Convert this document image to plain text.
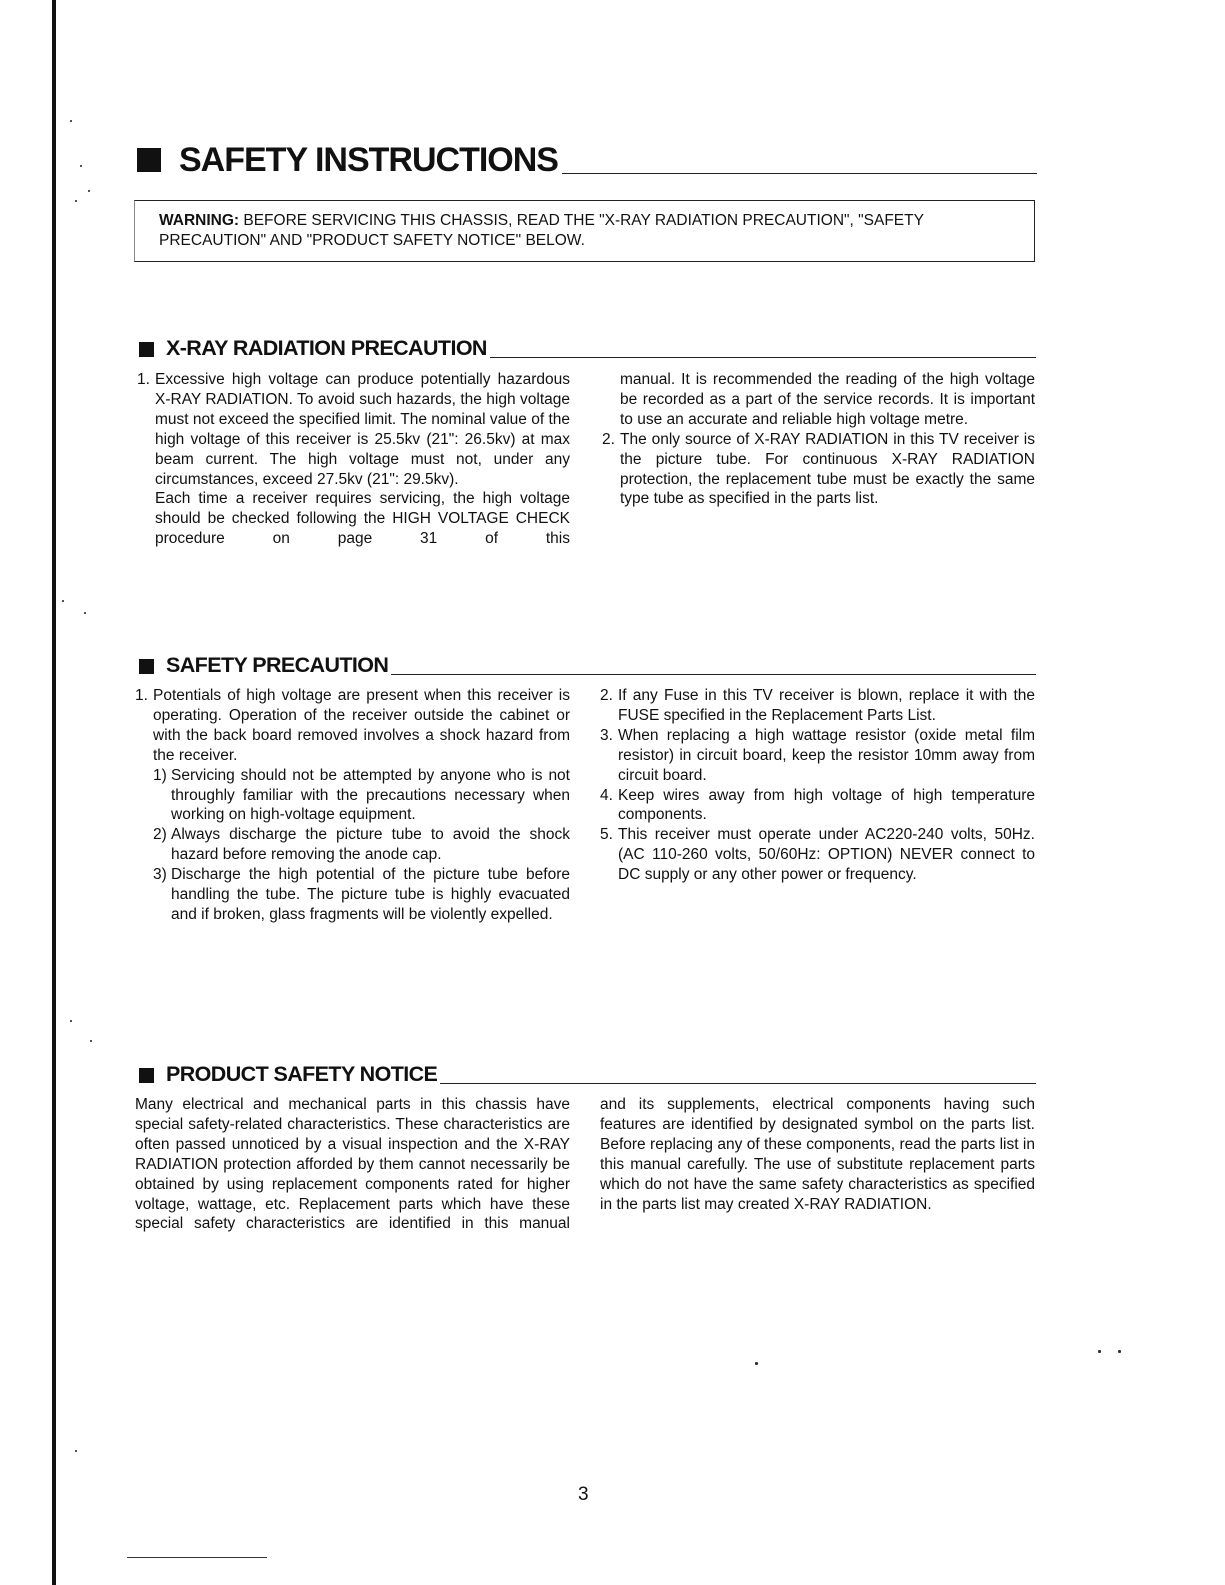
SAFETY INSTRUCTIONS
WARNING: BEFORE SERVICING THIS CHASSIS, READ THE "X-RAY RADIATION PRECAUTION", "SAFETY PRECAUTION" AND "PRODUCT SAFETY NOTICE" BELOW.
X-RAY RADIATION PRECAUTION
1. Excessive high voltage can produce potentially hazardous X-RAY RADIATION. To avoid such hazards, the high voltage must not exceed the specified limit. The nominal value of the high voltage of this receiver is 25.5kv (21": 26.5kv) at max beam current. The high voltage must not, under any circumstances, exceed 27.5kv (21": 29.5kv).

Each time a receiver requires servicing, the high voltage should be checked following the HIGH VOLTAGE CHECK procedure on page 31 of this

manual. It is recommended the reading of the high voltage be recorded as a part of the service records. It is important to use an accurate and reliable high voltage metre.

2. The only source of X-RAY RADIATION in this TV receiver is the picture tube. For continuous X-RAY RADIATION protection, the replacement tube must be exactly the same type tube as specified in the parts list.

SAFETY PRECAUTION
1. Potentials of high voltage are present when this receiver is operating. Operation of the receiver outside the cabinet or with the back board removed involves a shock hazard from the receiver.

1) Servicing should not be attempted by anyone who is not throughly familiar with the precautions necessary when working on high-voltage equipment.

2) Always discharge the picture tube to avoid the shock hazard before removing the anode cap.

3) Discharge the high potential of the picture tube before handling the tube. The picture tube is highly evacuated and if broken, glass fragments will be violently expelled.

2. If any Fuse in this TV receiver is blown, replace it with the FUSE specified in the Replacement Parts List.

3. When replacing a high wattage resistor (oxide metal film resistor) in circuit board, keep the resistor 10mm away from circuit board.

4. Keep wires away from high voltage of high temperature components.

5. This receiver must operate under AC220-240 volts, 50Hz. (AC 110-260 volts, 50/60Hz: OPTION) NEVER connect to DC supply or any other power or frequency.

PRODUCT SAFETY NOTICE

Many electrical and mechanical parts in this chassis have special safety-related characteristics. These characteristics are often passed unnoticed by a visual inspection and the X-RAY RADIATION protection afforded by them cannot necessarily be obtained by using replacement components rated for higher voltage, wattage, etc. Replacement parts which have these special safety characteristics are identified in this manual

and its supplements, electrical components having such features are identified by designated symbol on the parts list. Before replacing any of these components, read the parts list in this manual carefully. The use of substitute replacement parts which do not have the same safety characteristics as specified in the parts list may created X-RAY RADIATION.

3
